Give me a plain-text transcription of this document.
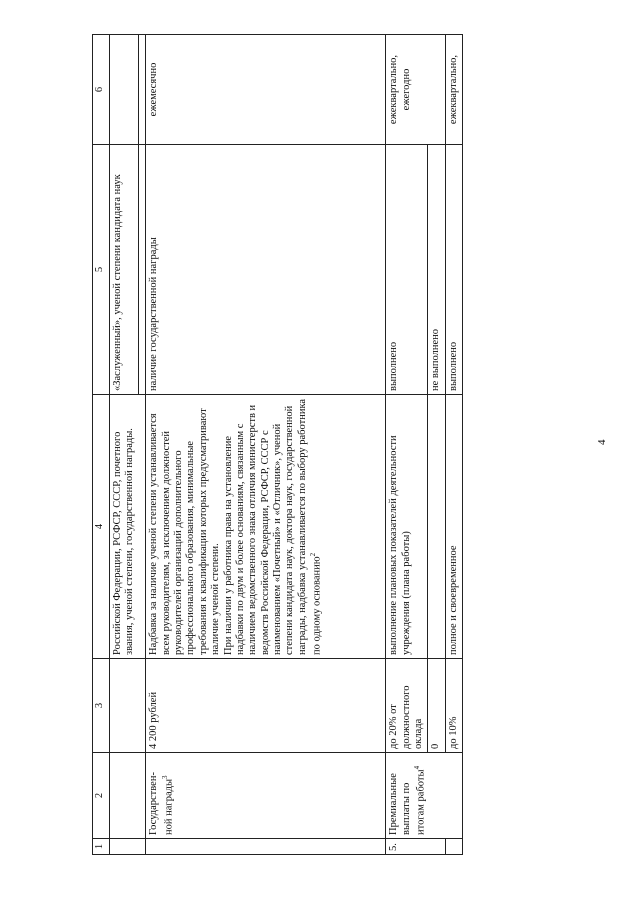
4
1	2	3	4	5	6
			Российской Федерации, РСФСР, СССР, почетного звания, ученой степени, государственной награды.	«Заслуженный», ученой степени кандидата наук	

	Государствен-ной награды$^3$	4 200 рублей	Надбавка за наличие ученой степени устанавливается всем руководителям, за исключением должностей руководителей организаций дополнительного профессионального образования, минимальные требования к квалификации которых предусматривают наличие ученой степени. При наличии у работника права на установление надбавки по двум и более основаниям, связанным с наличием ведомственного знака отличия министерств и ведомств Российской Федерации, РСФСР, СССР с наименованием «Почетный» и «Отличник», ученой степени кандидата наук, доктора наук, государственной награды, надбавка устанавливается по выбору работника по одному основанию$^2$	наличие государственной награды	ежемесячно
5.	Премиальные выплаты по итогам работы$^4$	до 20% от должностного оклада	выполнение плановых показателей деятельности учреждения (плана работы)	выполнено	ежеквартально, ежегодно
		0		не выполнено	
		до 10%	полное и своевременное	выполнено	ежеквартально,
